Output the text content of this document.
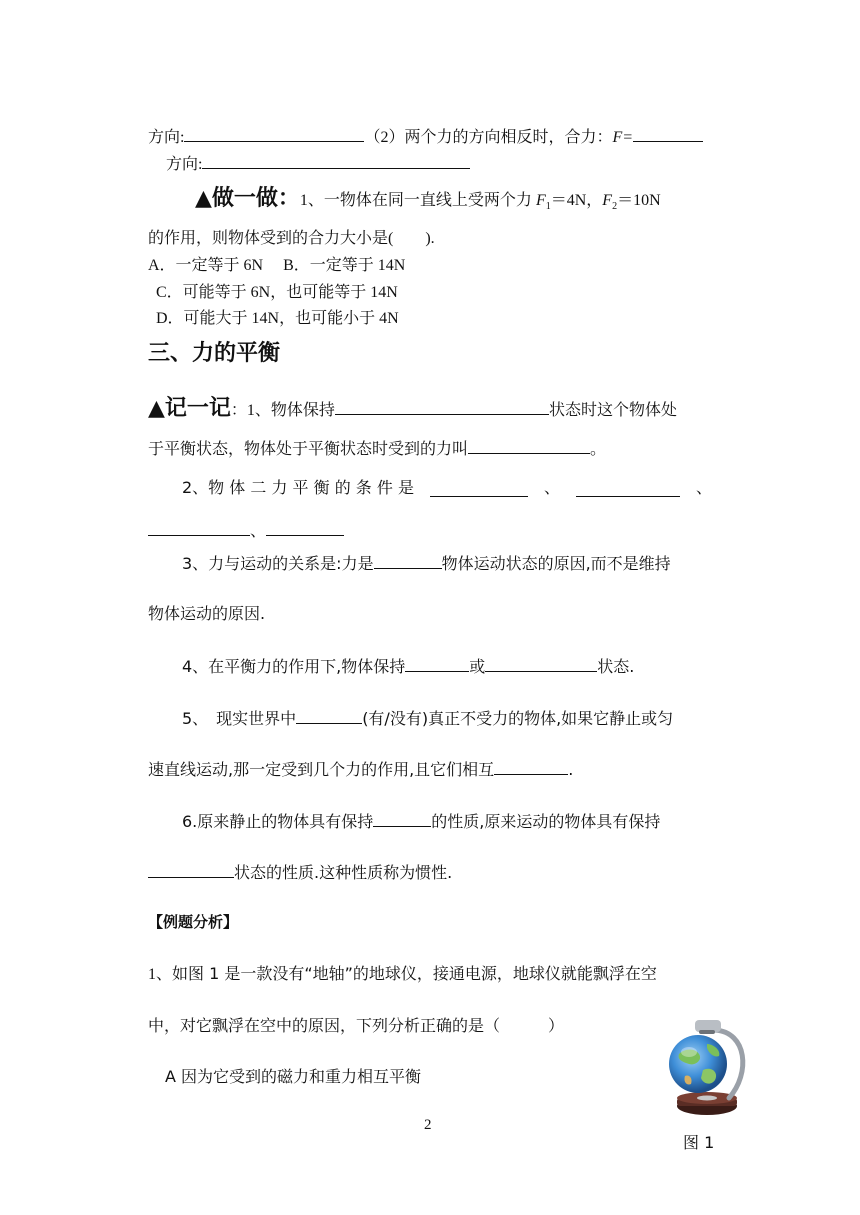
方向:	（2）两个力的方向相反时，合力：F=
方向:
▲做一做：1、一物体在同一直线上受两个力 $F_1=4N$，$F_2=10N$
的作用，则物体受到的合力大小是(　　).
A．一定等于 6N　 B．一定等于 14N
C．可能等于 6N，也可能等于 14N
D．可能大于 14N，也可能小于 4N
三、力的平衡
▲记一记：1、物体保持	状态时这个物体处
于平衡状态，物体处于平衡状态时受到的力叫	。
2、物 体 二 力 平 衡 的 条 件 是	、	、
、
3、力与运动的关系是:力是	物体运动状态的原因,而不是维持
物体运动的原因.
4、在平衡力的作用下,物体保持	或	状态.
5、　现实世界中	(有/没有)真正不受力的物体,如果它静止或匀
速直线运动,那一定受到几个力的作用,且它们相互	.
6.原来静止的物体具有保持	的性质,原来运动的物体具有保持
状态的性质.这种性质称为惯性.
【例题分析】
1、如图 1 是一款没有“地轴”的地球仪，接通电源，地球仪就能飘浮在空
中，对它飘浮在空中的原因，下列分析正确的是（　　　）
A 因为它受到的磁力和重力相互平衡
图 1
2
